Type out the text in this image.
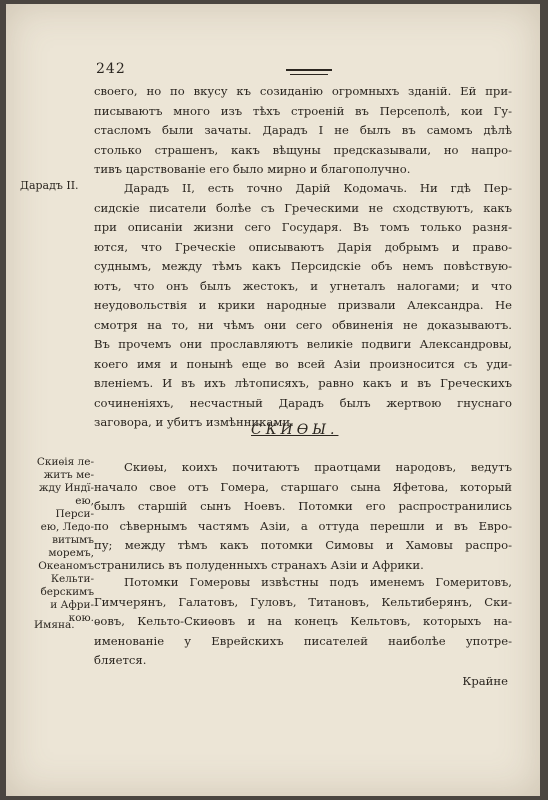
242
своего, но по вкусу къ созиданію огромныхъ зданій. Ей при-
писываютъ много изъ тѣхъ строеній въ Персеполѣ, кои Гу-
стасломъ были зачаты. Дарадъ I не былъ въ самомъ дѣлѣ
столько страшенъ, какъ вѣщуны предсказывали, но напро-
тивъ царствованіе его было мирно и благополучно.
Дарадъ II.	Дарадъ II, есть точно Дарій Кодомачь. Ни гдѣ Пер-
сидскіе писатели болѣе съ Греческими не сходствуютъ, какъ
при описаніи жизни сего Государя. Въ томъ только разня-
ются, что Греческіе описываютъ Дарія добрымъ и право-
суднымъ, между тѣмъ какъ Персидскіе объ немъ повѣствую-
ютъ, что онъ былъ жестокъ, и угнеталъ налогами; и что
неудовольствія и крики народные призвали Александра. Не
смотря на то, ни чѣмъ они сего обвиненія не доказываютъ.
Въ прочемъ они прославляютъ великіе подвиги Александровы,
коего имя и понынѣ еще во всей Азіи произносится съ уди-
вленіемъ. И въ ихъ лѣтописяхъ, равно какъ и въ Греческихъ
сочиненіяхъ, несчастный Дарадъ былъ жертвою гнуснаго
заговора, и убитъ измѣнниками.
СКИѲЫ.
Скиѳія ле-
житъ ме-
жду Индї-
ею, Перси-
ею, Ледо-
витымъ
моремъ,
Океаномъ
Кельти-
берскимъ
и Афри-
кою.
Скиѳы, коихъ почитаютъ праотцами народовъ, ведутъ
начало свое отъ Гомера, старшаго сына Яфетова, который
былъ старшій сынъ Ноевъ. Потомки его распространились
по сѣвернымъ частямъ Азіи, а оттуда перешли и въ Евро-
пу; между тѣмъ какъ потомки Симовы и Хамовы распро-
странились въ полуденныхъ странахъ Азіи и Африки.
Имяна.
Потомки Гомеровы извѣстны подъ именемъ Гомеритовъ,
Гимчерянъ, Галатовъ, Гуловъ, Титановъ, Кельтиберянъ, Ски-
ѳовъ, Кельто-Скиѳовъ и на конецъ Кельтовъ, которыхъ на-
именованіе у Еврейскихъ писателей наиболѣе употре-
бляется.
Крайне
